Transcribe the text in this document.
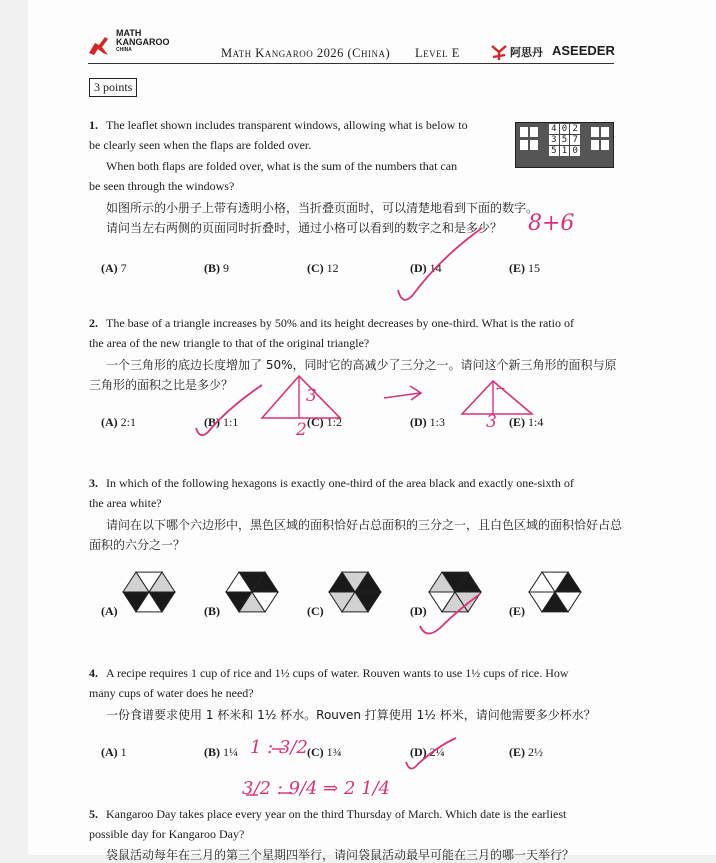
MATH
KANGAROO
CHINA	Math Kangaroo 2026 (China) Level E	阿思丹 ASEEDER
3 points
1. The leaflet shown includes transparent windows, allowing what is below to
be clearly seen when the flaps are folded over.
When both flaps are folded over, what is the sum of the numbers that can
be seen through the windows?
如图所示的小册子上带有透明小格，当折叠页面时，可以清楚地看到下面的数字。
请问当左右两侧的页面同时折叠时，通过小格可以看到的数字之和是多少？
4 0 2
3 5 7
5 1 0
(A) 7	(B) 9	(C) 12	(D) 14	(E) 15
2. The base of a triangle increases by 50% and its height decreases by one-third. What is the ratio of
the area of the new triangle to that of the original triangle?
一个三角形的底边长度增加了 50%，同时它的高减少了三分之一。请问这个新三角形的面积与原
三角形的面积之比是多少？
(A) 2:1	(B) 1:1	(C) 1:2	(D) 1:3	(E) 1:4
3. In which of the following hexagons is exactly one-third of the area black and exactly one-sixth of
the area white?
请问在以下哪个六边形中，黑色区域的面积恰好占总面积的三分之一，且白色区域的面积恰好占总
面积的六分之一？
(A)	(B)	(C)	(D)	(E)
4. A recipe requires 1 cup of rice and 1½ cups of water. Rouven wants to use 1½ cups of rice. How
many cups of water does he need?
一份食谱要求使用 1 杯米和 1½ 杯水。Rouven 打算使用 1½ 杯米，请问他需要多少杯水？
(A) 1	(B) 1¼	(C) 1¾	(D) 2¼	(E) 2½
5. Kangaroo Day takes place every year on the third Thursday of March. Which date is the earliest
possible day for Kangaroo Day?
袋鼠活动每年在三月的第三个星期四举行，请问袋鼠活动最早可能在三月的哪一天举行？
8+6
3
2	3
←
1 : 3/2
3/2 : 9/4 ⇒ 2 1/4
